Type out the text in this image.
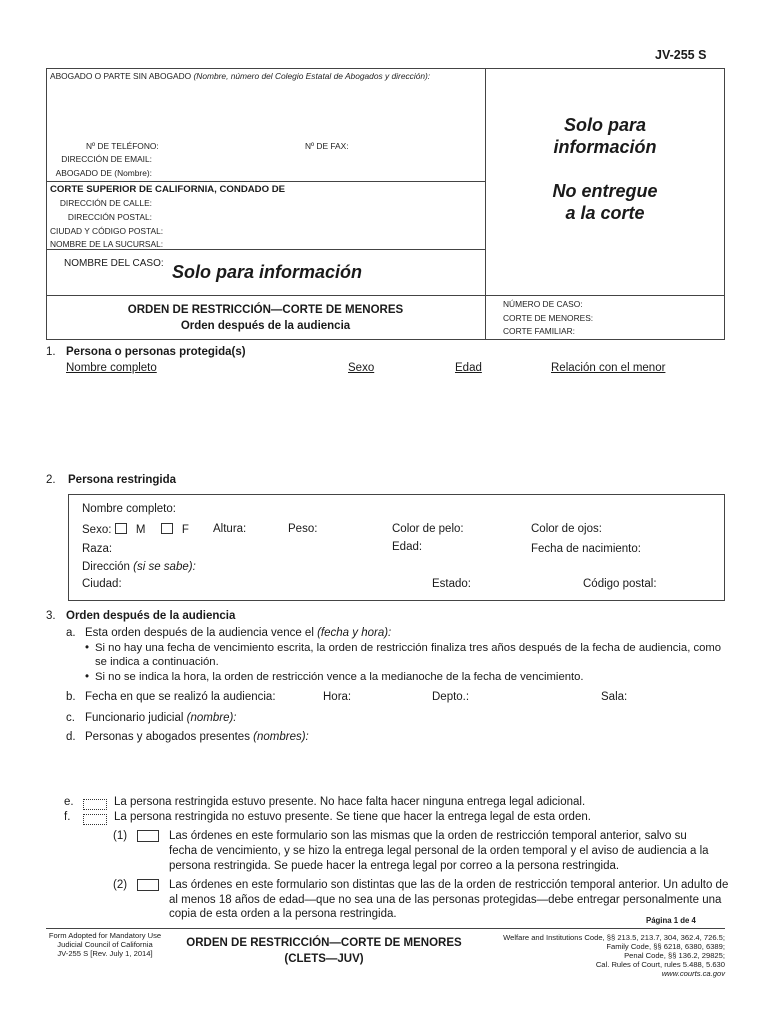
JV-255 S
ABOGADO O PARTE SIN ABOGADO (Nombre, número del Colegio Estatal de Abogados y dirección):
Nº DE TELÉFONO:	Nº DE FAX:
DIRECCIÓN DE EMAIL:
ABOGADO DE (Nombre):
CORTE SUPERIOR DE CALIFORNIA, CONDADO DE
DIRECCIÓN DE CALLE:
DIRECCIÓN POSTAL:
CIUDAD Y CÓDIGO POSTAL:
NOMBRE DE LA SUCURSAL:
NOMBRE DEL CASO: Solo para información
Solo para
información
No entregue
a la corte
ORDEN DE RESTRICCIÓN—CORTE DE MENORES
Orden después de la audiencia
NÚMERO DE CASO:
CORTE DE MENORES:
CORTE FAMILIAR:
1. Persona o personas protegida(s)
Nombre completo	Sexo	Edad	Relación con el menor
2. Persona restringida
Nombre completo:
Sexo: M	F Altura:	Peso:	Color de pelo:	Color de ojos:
Raza:	Edad:	Fecha de nacimiento:
Dirección (si se sabe):
Ciudad:	Estado:	Código postal:
3. Orden después de la audiencia
a. Esta orden después de la audiencia vence el (fecha y hora):
• Si no hay una fecha de vencimiento escrita, la orden de restricción finaliza tres años después de la fecha de audiencia, como
se indica a continuación.
• Si no se indica la hora, la orden de restricción vence a la medianoche de la fecha de vencimiento.
b. Fecha en que se realizó la audiencia:	Hora:	Depto.:	Sala:
c. Funcionario judicial (nombre):
d. Personas y abogados presentes (nombres):
e.	La persona restringida estuvo presente. No hace falta hacer ninguna entrega legal adicional.
f.	La persona restringida no estuvo presente. Se tiene que hacer la entrega legal de esta orden.
(1)	Las órdenes en este formulario son las mismas que la orden de restricción temporal anterior, salvo su
fecha de vencimiento, y se hizo la entrega legal personal de la orden temporal y el aviso de audiencia a la
persona restringida. Se puede hacer la entrega legal por correo a la persona restringida.
(2)	Las órdenes en este formulario son distintas que las de la orden de restricción temporal anterior. Un adulto de
al menos 18 años de edad—que no sea una de las personas protegidas—debe entregar personalmente una
copia de esta orden a la persona restringida.
Página 1 de 4
Form Adopted for Mandatory Use
Judicial Council of California
JV-255 S [Rev. July 1, 2014]
ORDEN DE RESTRICCIÓN—CORTE DE MENORES
(CLETS—JUV)
Welfare and Institutions Code, §§ 213.5, 213.7, 304, 362.4, 726.5;
Family Code, §§ 6218, 6380, 6389;
Penal Code, §§ 136.2, 29825;
Cal. Rules of Court, rules 5.488, 5.630
www.courts.ca.gov
